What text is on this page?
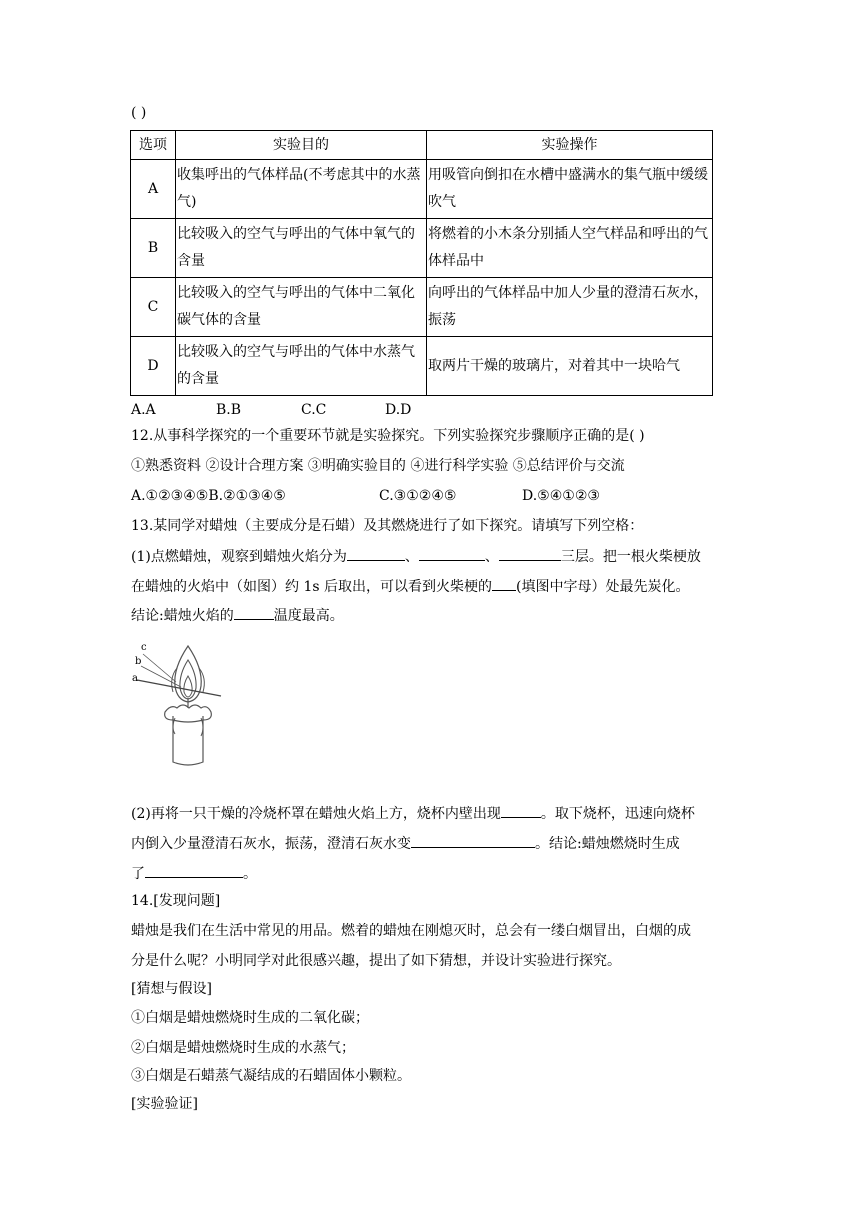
( )
选项	实验目的	实验操作
A	收集呼出的气体样品(不考虑其中的水蒸气)	用吸管向倒扣在水槽中盛满水的集气瓶中缓缓吹气
B	比较吸入的空气与呼出的气体中氧气的含量	将燃着的小木条分别插人空气样品和呼出的气体样品中
C	比较吸入的空气与呼出的气体中二氧化碳气体的含量	向呼出的气体样品中加人少量的澄清石灰水，振荡
D	比较吸入的空气与呼出的气体中水蒸气的含量	取两片干燥的玻璃片，对着其中一块哈气
A.A	B.B	C.C	D.D
12.从事科学探究的一个重要环节就是实验探究。下列实验探究步骤顺序正确的是( )
①熟悉资料 ②设计合理方案 ③明确实验目的 ④进行科学实验 ⑤总结评价与交流
A.①②③④⑤B.②①③④⑤	C.③①②④⑤	D.⑤④①②③
13.某同学对蜡烛（主要成分是石蜡）及其燃烧进行了如下探究。请填写下列空格：
(1)点燃蜡烛，观察到蜡烛火焰分为	、	、	三层。把一根火柴梗放
在蜡烛的火焰中（如图）约 1s 后取出，可以看到火柴梗的 (填图中字母）处最先炭化。
结论:蜡烛火焰的	温度最高。
c
b
a
(2)再将一只干燥的冷烧杯罩在蜡烛火焰上方，烧杯内壁出现	。取下烧杯，迅速向烧杯
内倒入少量澄清石灰水，振荡，澄清石灰水变	。结论:蜡烛燃烧时生成
了	。
14.[发现问题]
蜡烛是我们在生活中常见的用品。燃着的蜡烛在刚熄灭时，总会有一缕白烟冒出，白烟的成
分是什么呢？小明同学对此很感兴趣，提出了如下猜想，并设计实验进行探究。
[猜想与假设]
①白烟是蜡烛燃烧时生成的二氧化碳；
②白烟是蜡烛燃烧时生成的水蒸气；
③白烟是石蜡蒸气凝结成的石蜡固体小颗粒。
[实验验证]
